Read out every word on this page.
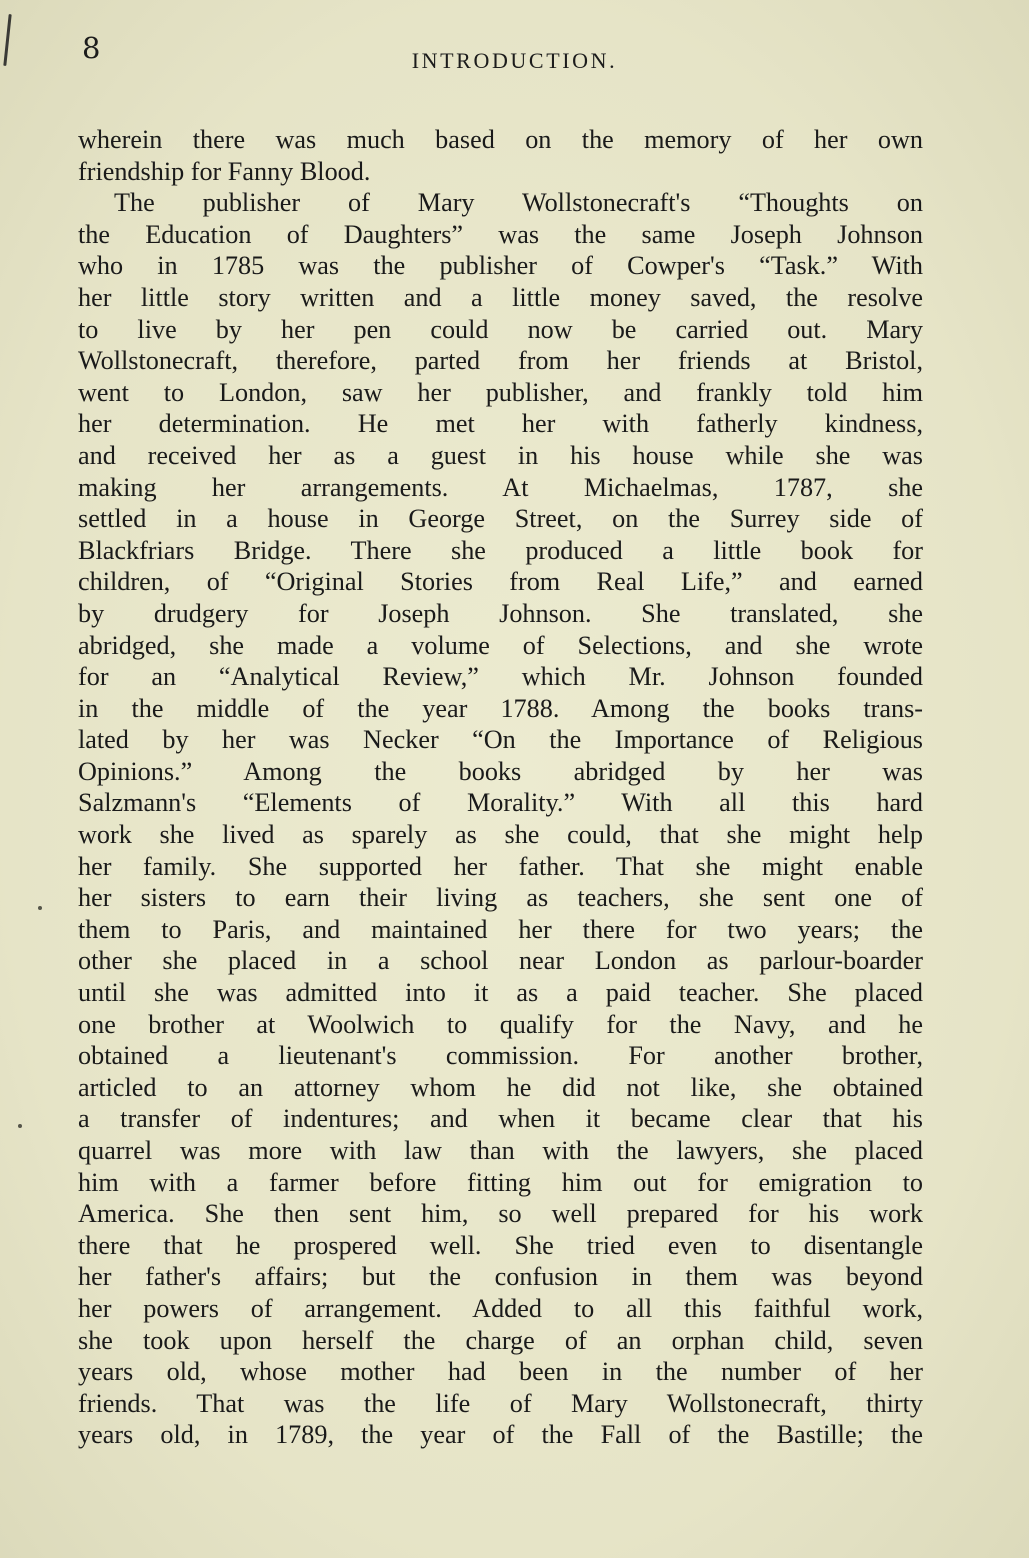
8	INTRODUCTION.
wherein there was much based on the memory of her own
friendship for Fanny Blood.
The publisher of Mary Wollstonecraft's “Thoughts on
the Education of Daughters” was the same Joseph Johnson
who in 1785 was the publisher of Cowper's “Task.” With
her little story written and a little money saved, the resolve
to live by her pen could now be carried out. Mary
Wollstonecraft, therefore, parted from her friends at Bristol,
went to London, saw her publisher, and frankly told him
her determination. He met her with fatherly kindness,
and received her as a guest in his house while she was
making her arrangements. At Michaelmas, 1787, she
settled in a house in George Street, on the Surrey side of
Blackfriars Bridge. There she produced a little book for
children, of “Original Stories from Real Life,” and earned
by drudgery for Joseph Johnson. She translated, she
abridged, she made a volume of Selections, and she wrote
for an “Analytical Review,” which Mr. Johnson founded
in the middle of the year 1788. Among the books trans-
lated by her was Necker “On the Importance of Religious
Opinions.” Among the books abridged by her was
Salzmann's “Elements of Morality.” With all this hard
work she lived as sparely as she could, that she might help
her family. She supported her father. That she might enable
her sisters to earn their living as teachers, she sent one of
them to Paris, and maintained her there for two years; the
other she placed in a school near London as parlour-boarder
until she was admitted into it as a paid teacher. She placed
one brother at Woolwich to qualify for the Navy, and he
obtained a lieutenant's commission. For another brother,
articled to an attorney whom he did not like, she obtained
a transfer of indentures; and when it became clear that his
quarrel was more with law than with the lawyers, she placed
him with a farmer before fitting him out for emigration to
America. She then sent him, so well prepared for his work
there that he prospered well. She tried even to disentangle
her father's affairs; but the confusion in them was beyond
her powers of arrangement. Added to all this faithful work,
she took upon herself the charge of an orphan child, seven
years old, whose mother had been in the number of her
friends. That was the life of Mary Wollstonecraft, thirty
years old, in 1789, the year of the Fall of the Bastille; the
